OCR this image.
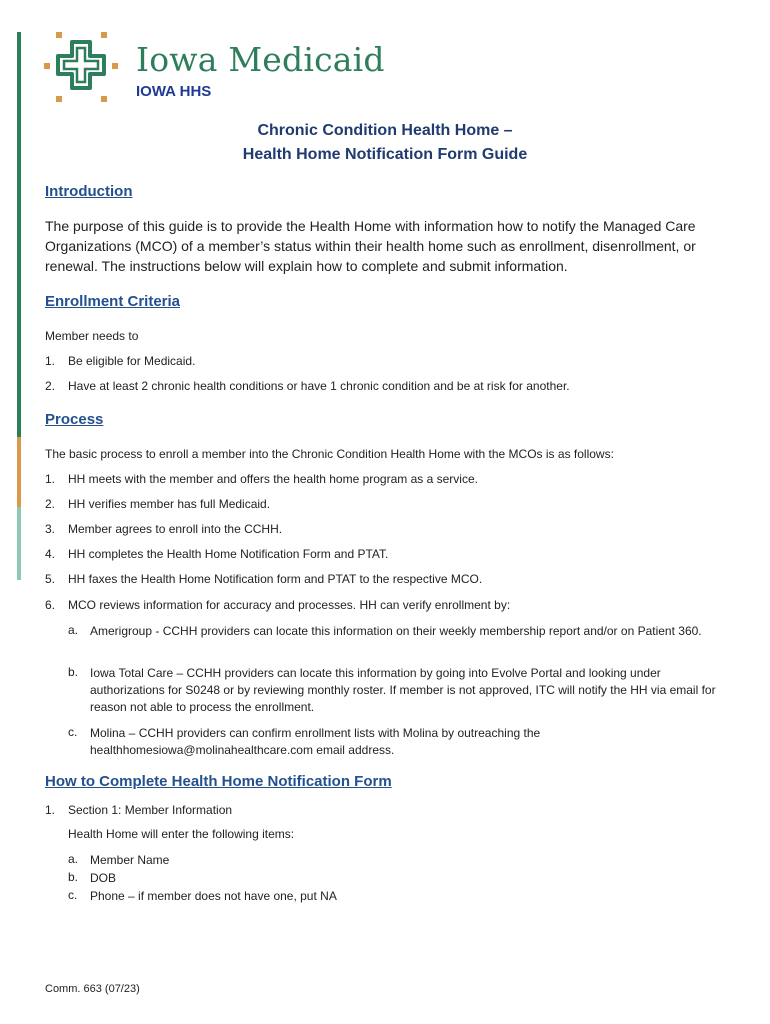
Iowa Medicaid
IOWA HHS
Chronic Condition Health Home –
Health Home Notification Form Guide
Introduction
The purpose of this guide is to provide the Health Home with information how to notify the Managed Care Organizations (MCO) of a member’s status within their health home such as enrollment, disenrollment, or renewal. The instructions below will explain how to complete and submit information.
Enrollment Criteria
Member needs to
1. Be eligible for Medicaid.
2. Have at least 2 chronic health conditions or have 1 chronic condition and be at risk for another.
Process
The basic process to enroll a member into the Chronic Condition Health Home with the MCOs is as follows:
1. HH meets with the member and offers the health home program as a service.
2. HH verifies member has full Medicaid.
3. Member agrees to enroll into the CCHH.
4. HH completes the Health Home Notification Form and PTAT.
5. HH faxes the Health Home Notification form and PTAT to the respective MCO.
6. MCO reviews information for accuracy and processes. HH can verify enrollment by:
a. Amerigroup - CCHH providers can locate this information on their weekly membership report and/or on Patient 360.
b. Iowa Total Care – CCHH providers can locate this information by going into Evolve Portal and looking under authorizations for S0248 or by reviewing monthly roster. If member is not approved, ITC will notify the HH via email for reason not able to process the enrollment.
c. Molina – CCHH providers can confirm enrollment lists with Molina by outreaching the healthhomesiowa@molinahealthcare.com email address.
How to Complete Health Home Notification Form
1. Section 1: Member Information
Health Home will enter the following items:
a. Member Name
b. DOB
c. Phone – if member does not have one, put NA
Comm. 663 (07/23)
